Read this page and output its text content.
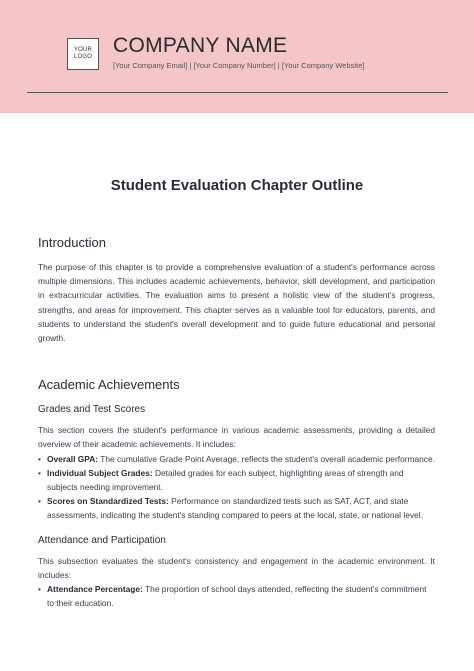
YOUR
LOGO COMPANY NAME
[Your Company Email] | [Your Company Number] | [Your Company Website]
Student Evaluation Chapter Outline
Introduction

The purpose of this chapter is to provide a comprehensive evaluation of a student's performance across multiple dimensions. This includes academic achievements, behavior, skill development, and participation in extracurricular activities. The evaluation aims to present a holistic view of the student's progress, strengths, and areas for improvement. This chapter serves as a valuable tool for educators, parents, and students to understand the student's overall development and to guide future educational and personal growth.

Academic Achievements
Grades and Test Scores

This section covers the student's performance in various academic assessments, providing a detailed overview of their academic achievements. It includes:

• Overall GPA: The cumulative Grade Point Average, reflects the student's overall academic performance.
• Individual Subject Grades: Detailed grades for each subject, highlighting areas of strength and subjects needing improvement.
• Scores on Standardized Tests: Performance on standardized tests such as SAT, ACT, and state assessments, indicating the student's standing compared to peers at the local, state, or national level.
Attendance and Participation

This subsection evaluates the student's consistency and engagement in the academic environment. It includes:

• Attendance Percentage: The proportion of school days attended, reflecting the student's commitment to their education.
